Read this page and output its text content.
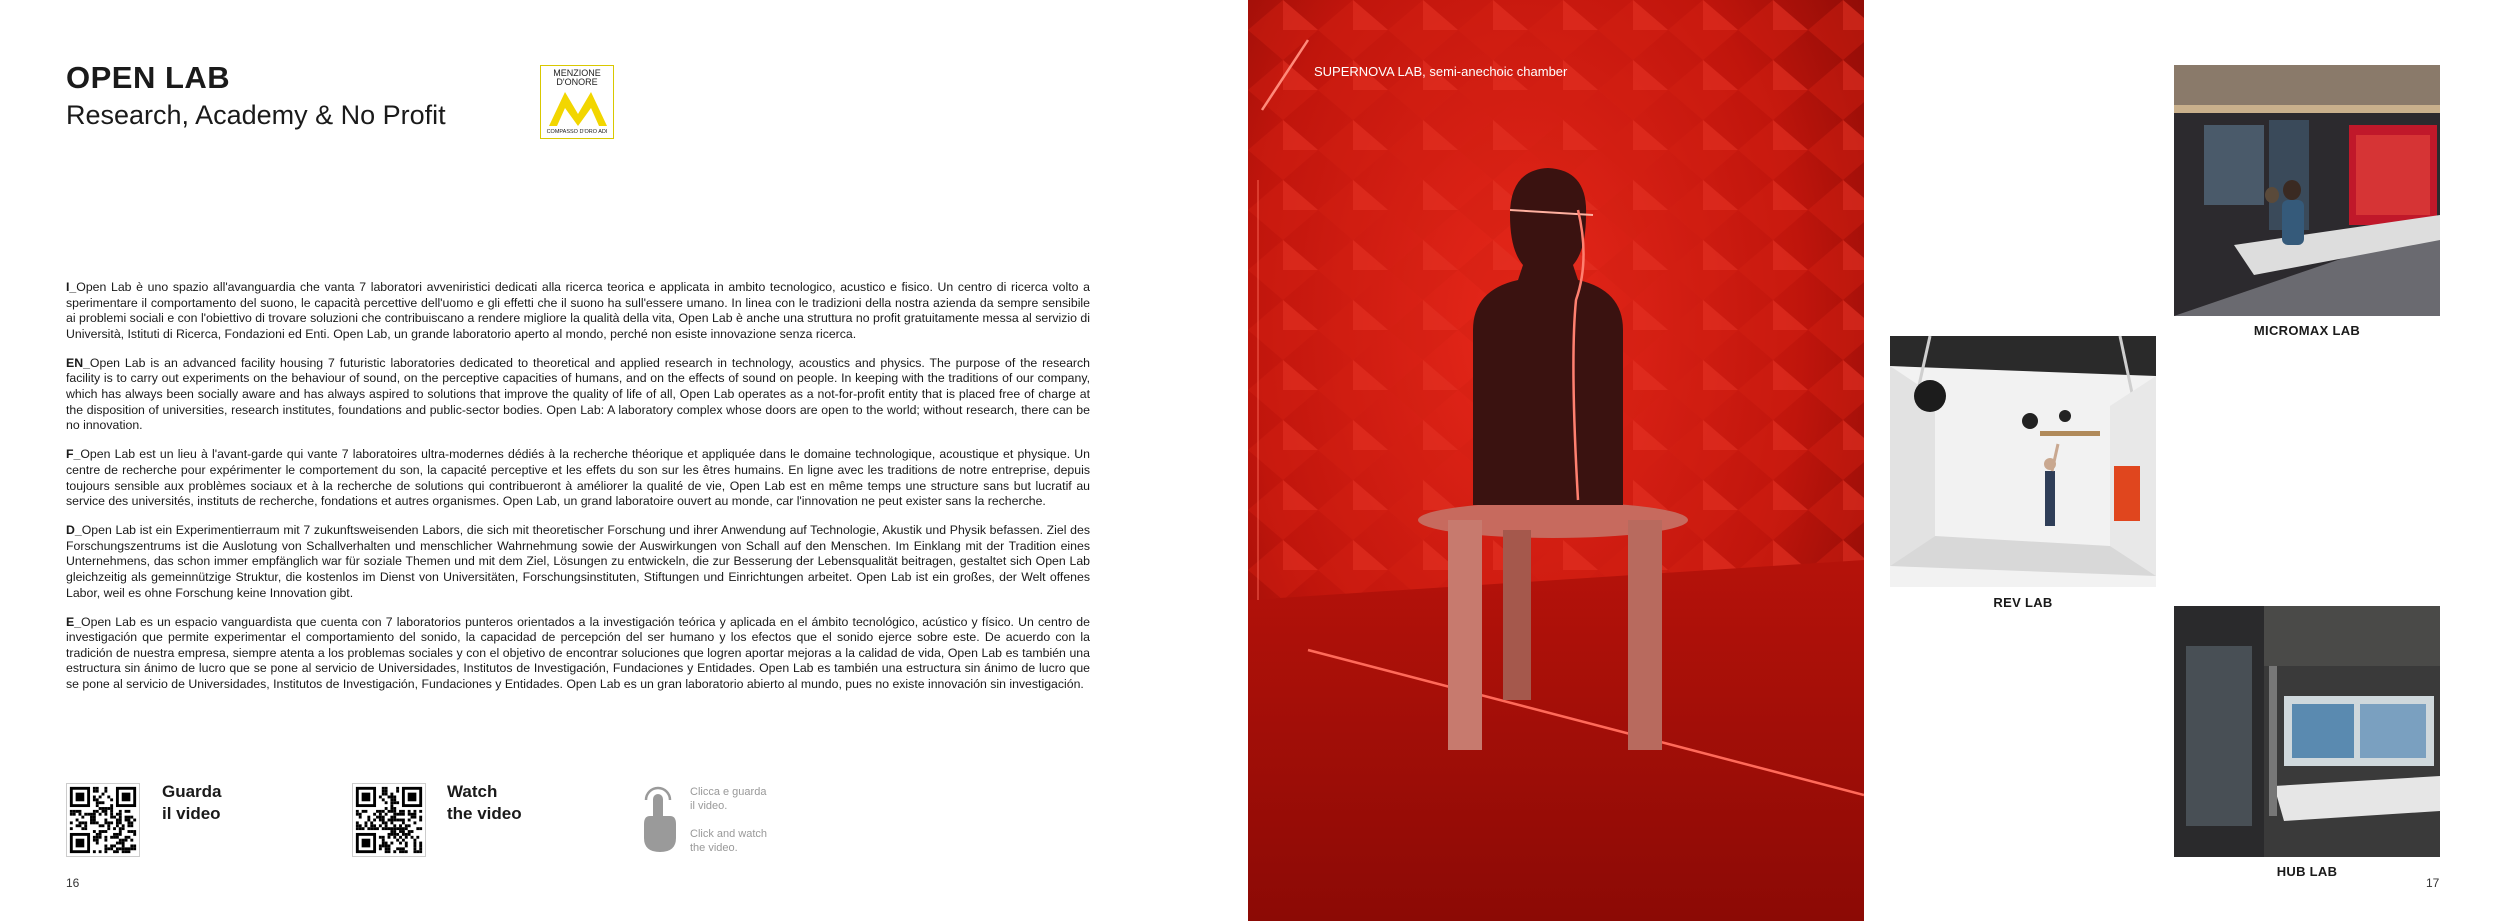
OPEN LAB
Research, Academy & No Profit
MENZIONE D'ONORE
COMPASSO D'ORO ADI

I_Open Lab è uno spazio all'avanguardia che vanta 7 laboratori avveniristici dedicati alla ricerca teorica e applicata in ambito tecnologico, acustico e fisico. Un centro di ricerca volto a sperimentare il comportamento del suono, le capacità percettive dell'uomo e gli effetti che il suono ha sull'essere umano. In linea con le tradizioni della nostra azienda da sempre sensibile ai problemi sociali e con l'obiettivo di trovare soluzioni che contribuiscano a rendere migliore la qualità della vita, Open Lab è anche una struttura no profit gratuitamente messa al servizio di Università, Istituti di Ricerca, Fondazioni ed Enti. Open Lab, un grande laboratorio aperto al mondo, perché non esiste innovazione senza ricerca.

EN_Open Lab is an advanced facility housing 7 futuristic laboratories dedicated to theoretical and applied research in technology, acoustics and physics. The purpose of the research facility is to carry out experiments on the behaviour of sound, on the perceptive capacities of humans, and on the effects of sound on people. In keeping with the traditions of our company, which has always been socially aware and has always aspired to solutions that improve the quality of life of all, Open Lab operates as a not-for-profit entity that is placed free of charge at the disposition of universities, research institutes, foundations and public-sector bodies. Open Lab: A laboratory complex whose doors are open to the world; without research, there can be no innovation.

F_Open Lab est un lieu à l'avant-garde qui vante 7 laboratoires ultra-modernes dédiés à la recherche théorique et appliquée dans le domaine technologique, acoustique et physique. Un centre de recherche pour expérimenter le comportement du son, la capacité perceptive et les effets du son sur les êtres humains. En ligne avec les traditions de notre entreprise, depuis toujours sensible aux problèmes sociaux et à la recherche de solutions qui contribueront à améliorer la qualité de vie, Open Lab est en même temps une structure sans but lucratif au service des universités, instituts de recherche, fondations et autres organismes. Open Lab, un grand laboratoire ouvert au monde, car l'innovation ne peut exister sans la recherche.

D_Open Lab ist ein Experimentierraum mit 7 zukunftsweisenden Labors, die sich mit theoretischer Forschung und ihrer Anwendung auf Technologie, Akustik und Physik befassen. Ziel des Forschungszentrums ist die Auslotung von Schallverhalten und menschlicher Wahrnehmung sowie der Auswirkungen von Schall auf den Menschen. Im Einklang mit der Tradition eines Unternehmens, das schon immer empfänglich war für soziale Themen und mit dem Ziel, Lösungen zu entwickeln, die zur Besserung der Lebensqualität beitragen, gestaltet sich Open Lab gleichzeitig als gemeinnützige Struktur, die kostenlos im Dienst von Universitäten, Forschungsinstituten, Stiftungen und Einrichtungen arbeitet. Open Lab ist ein großes, der Welt offenes Labor, weil es ohne Forschung keine Innovation gibt.

E_Open Lab es un espacio vanguardista que cuenta con 7 laboratorios punteros orientados a la investigación teórica y aplicada en el ámbito tecnológico, acústico y físico. Un centro de investigación que permite experimentar el comportamiento del sonido, la capacidad de percepción del ser humano y los efectos que el sonido ejerce sobre este. De acuerdo con la tradición de nuestra empresa, siempre atenta a los problemas sociales y con el objetivo de encontrar soluciones que logren aportar mejoras a la calidad de vida, Open Lab es también una estructura sin ánimo de lucro que se pone al servicio de Universidades, Institutos de Investigación, Fundaciones y Entidades. Open Lab es también una estructura sin ánimo de lucro que se pone al servicio de Universidades, Institutos de Investigación, Fundaciones y Entidades. Open Lab es un gran laboratorio abierto al mundo, pues no existe innovación sin investigación.

Guarda
il video
Watch
the video
Clicca e guarda
il video.
Click and watch
the video.
16
SUPERNOVA LAB, semi-anechoic chamber
MICROMAX LAB
REV LAB
HUB LAB
17
